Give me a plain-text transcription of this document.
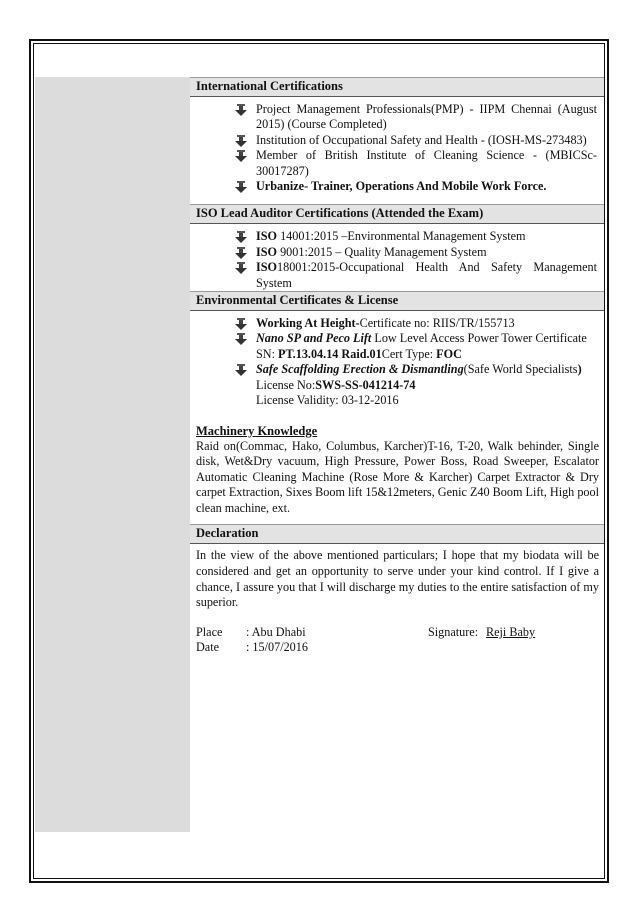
International Certifications
Project Management Professionals(PMP) - IIPM Chennai (August 2015) (Course Completed)
Institution of Occupational Safety and Health - (IOSH-MS-273483)
Member of British Institute of Cleaning Science - (MBICSc-30017287)
Urbanize- Trainer, Operations And Mobile Work Force.
ISO Lead Auditor Certifications (Attended the Exam)
ISO 14001:2015 –Environmental Management System
ISO 9001:2015 – Quality Management System
ISO18001:2015-Occupational Health And Safety Management System
Environmental Certificates & License
Working At Height-Certificate no: RIIS/TR/155713
Nano SP and Peco Lift Low Level Access Power Tower Certificate SN: PT.13.04.14 Raid.01Cert Type: FOC
Safe Scaffolding Erection & Dismantling(Safe World Specialists)
License No:SWS-SS-041214-74
License Validity: 03-12-2016
Machinery Knowledge
Raid on(Commac, Hako, Columbus, Karcher)T-16, T-20, Walk behinder, Single disk, Wet&Dry vacuum, High Pressure, Power Boss, Road Sweeper, Escalator Automatic Cleaning Machine (Rose More & Karcher) Carpet Extractor & Dry carpet Extraction, Sixes Boom lift 15&12meters, Genic Z40 Boom Lift, High pool clean machine, ext.
Declaration
In the view of the above mentioned particulars; I hope that my biodata will be considered and get an opportunity to serve under your kind control. If I give a chance, I assure you that I will discharge my duties to the entire satisfaction of my superior.
Place	: Abu Dhabi	Signature: Reji Baby
Date	: 15/07/2016
